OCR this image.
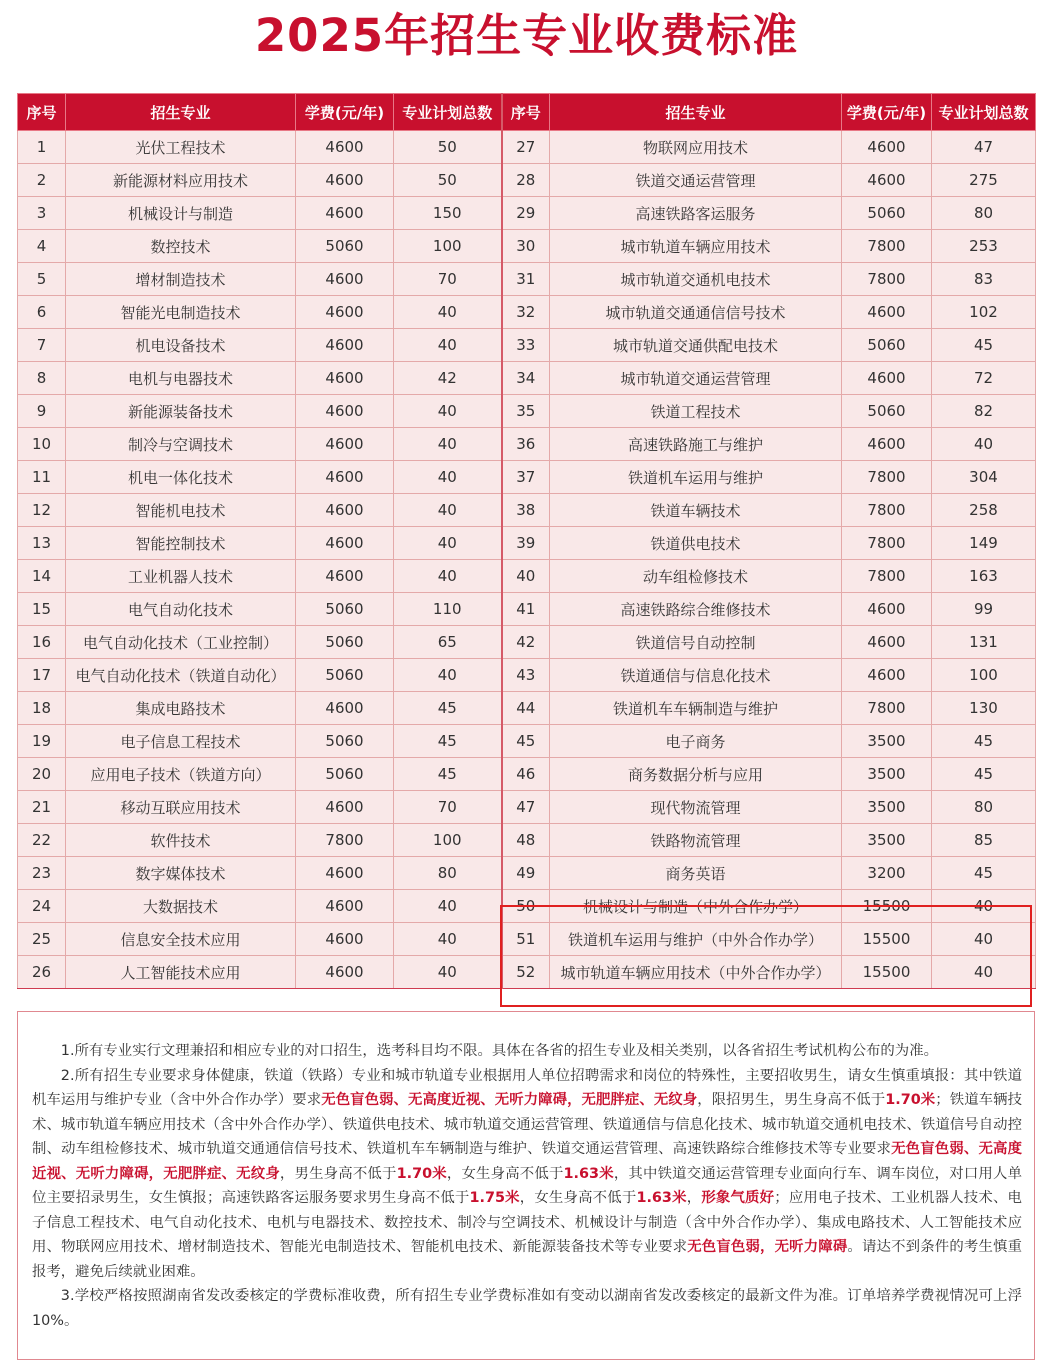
2025年招生专业收费标准
序号	招生专业	学费(元/年)	专业计划总数	序号	招生专业	学费(元/年)	专业计划总数
1	光伏工程技术	4600	50	27	物联网应用技术	4600	47
2	新能源材料应用技术	4600	50	28	铁道交通运营管理	4600	275
3	机械设计与制造	4600	150	29	高速铁路客运服务	5060	80
4	数控技术	5060	100	30	城市轨道车辆应用技术	7800	253
5	增材制造技术	4600	70	31	城市轨道交通机电技术	7800	83
6	智能光电制造技术	4600	40	32	城市轨道交通通信信号技术	4600	102
7	机电设备技术	4600	40	33	城市轨道交通供配电技术	5060	45
8	电机与电器技术	4600	42	34	城市轨道交通运营管理	4600	72
9	新能源装备技术	4600	40	35	铁道工程技术	5060	82
10	制冷与空调技术	4600	40	36	高速铁路施工与维护	4600	40
11	机电一体化技术	4600	40	37	铁道机车运用与维护	7800	304
12	智能机电技术	4600	40	38	铁道车辆技术	7800	258
13	智能控制技术	4600	40	39	铁道供电技术	7800	149
14	工业机器人技术	4600	40	40	动车组检修技术	7800	163
15	电气自动化技术	5060	110	41	高速铁路综合维修技术	4600	99
16	电气自动化技术（工业控制）	5060	65	42	铁道信号自动控制	4600	131
17	电气自动化技术（铁道自动化）	5060	40	43	铁道通信与信息化技术	4600	100
18	集成电路技术	4600	45	44	铁道机车车辆制造与维护	7800	130
19	电子信息工程技术	5060	45	45	电子商务	3500	45
20	应用电子技术（铁道方向）	5060	45	46	商务数据分析与应用	3500	45
21	移动互联应用技术	4600	70	47	现代物流管理	3500	80
22	软件技术	7800	100	48	铁路物流管理	3500	85
23	数字媒体技术	4600	80	49	商务英语	3200	45
24	大数据技术	4600	40	50	机械设计与制造（中外合作办学）	15500	40
25	信息安全技术应用	4600	40	51	铁道机车运用与维护（中外合作办学）	15500	40
26	人工智能技术应用	4600	40	52	城市轨道车辆应用技术（中外合作办学）	15500	40

1.所有专业实行文理兼招和相应专业的对口招生，选考科目均不限。具体在各省的招生专业及相关类别，以各省招生考试机构公布的为准。

2.所有招生专业要求身体健康，铁道（铁路）专业和城市轨道专业根据用人单位招聘需求和岗位的特殊性，主要招收男生，请女生慎重填报：其中铁道机车运用与维护专业（含中外合作办学）要求无色盲色弱、无高度近视、无听力障碍，无肥胖症、无纹身，限招男生，男生身高不低于1.70米；铁道车辆技术、城市轨道车辆应用技术（含中外合作办学）、铁道供电技术、城市轨道交通运营管理、铁道通信与信息化技术、城市轨道交通机电技术、铁道信号自动控制、动车组检修技术、城市轨道交通通信信号技术、铁道机车车辆制造与维护、铁道交通运营管理、高速铁路综合维修技术等专业要求无色盲色弱、无高度近视、无听力障碍，无肥胖症、无纹身，男生身高不低于1.70米，女生身高不低于1.63米，其中铁道交通运营管理专业面向行车、调车岗位，对口用人单位主要招录男生，女生慎报；高速铁路客运服务要求男生身高不低于1.75米，女生身高不低于1.63米，形象气质好；应用电子技术、工业机器人技术、电子信息工程技术、电气自动化技术、电机与电器技术、数控技术、制冷与空调技术、机械设计与制造（含中外合作办学）、集成电路技术、人工智能技术应用、物联网应用技术、增材制造技术、智能光电制造技术、智能机电技术、新能源装备技术等专业要求无色盲色弱，无听力障碍。请达不到条件的考生慎重报考，避免后续就业困难。

3.学校严格按照湖南省发改委核定的学费标准收费，所有招生专业学费标准如有变动以湖南省发改委核定的最新文件为准。订单培养学费视情况可上浮10%。
